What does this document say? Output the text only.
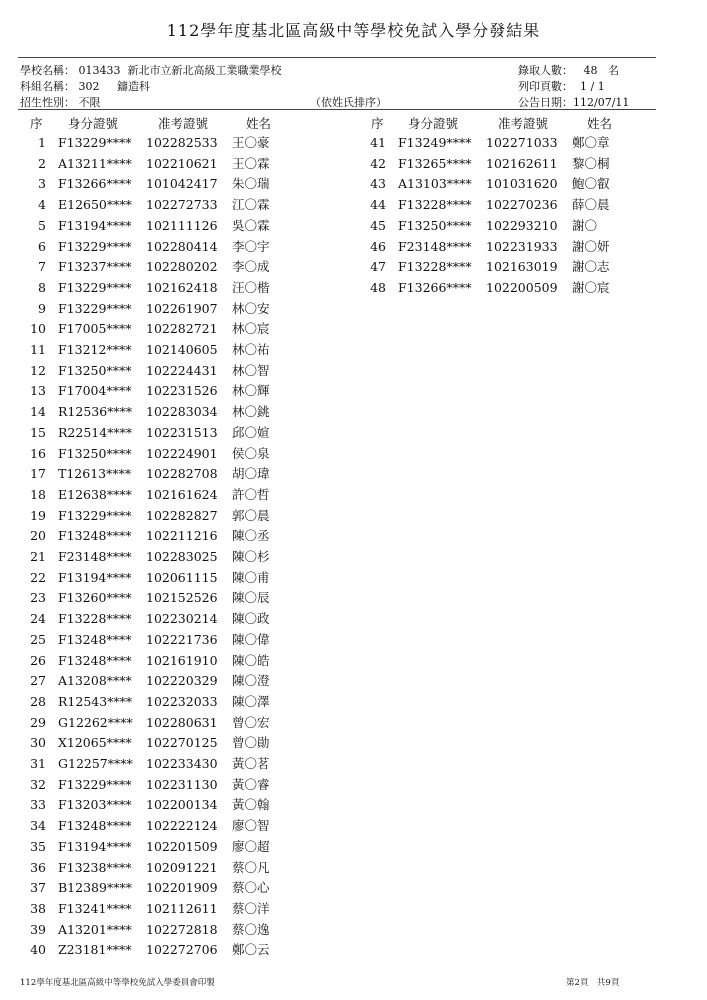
112學年度基北區高級中等學校免試入學分發結果
學校名稱： 013433 新北市立新北高級工業職業學校
科組名稱： 302 鑄造科
招生性別： 不限	（依姓氏排序）
錄取人數： 48 名
列印頁數： 1 / 1
公告日期：112/07/11
序 身分證號	准考證號	姓名	序 身分證號	准考證號	姓名
1 F13229**** 102282533 王〇豪
2 A13211**** 102210621 王〇霖
3 F13266**** 101042417 朱〇瑞
4 E12650**** 102272733 江〇霖
5 F13194**** 102111126 吳〇霖
6 F13229**** 102280414 李〇宇
7 F13237**** 102280202 李〇成
8 F13229**** 102162418 汪〇楷
9 F13229**** 102261907 林〇安
10 F17005**** 102282721 林〇宸
11 F13212**** 102140605 林〇祐
12 F13250**** 102224431 林〇智
13 F17004**** 102231526 林〇輝
14 R12536**** 102283034 林〇銚
15 R22514**** 102231513 邱〇媗
16 F13250**** 102224901 侯〇泉
17 T12613**** 102282708 胡〇瑋
18 E12638**** 102161624 許〇哲
19 F13229**** 102282827 郭〇晨
20 F13248**** 102211216 陳〇丞
21 F23148**** 102283025 陳〇杉
22 F13194**** 102061115 陳〇甫
23 F13260**** 102152526 陳〇辰
24 F13228**** 102230214 陳〇政
25 F13248**** 102221736 陳〇偉
26 F13248**** 102161910 陳〇皓
27 A13208**** 102220329 陳〇澄
28 R12543**** 102232033 陳〇澤
29 G12262**** 102280631 曾〇宏
30 X12065**** 102270125 曾〇勛
31 G12257**** 102233430 黃〇茗
32 F13229**** 102231130 黃〇睿
33 F13203**** 102200134 黃〇翰
34 F13248**** 102222124 廖〇智
35 F13194**** 102201509 廖〇超
36 F13238**** 102091221 蔡〇凡
37 B12389**** 102201909 蔡〇心
38 F13241**** 102112611 蔡〇洋
39 A13201**** 102272818 蔡〇逸
40 Z23181**** 102272706 鄭〇云
41 F13249**** 102271033 鄭〇章
42 F13265**** 102162611 黎〇桐
43 A13103**** 101031620 鮑〇叡
44 F13228**** 102270236 薛〇晨
45 F13250**** 102293210 謝〇
46 F23148**** 102231933 謝〇妍
47 F13228**** 102163019 謝〇志
48 F13266**** 102200509 謝〇宸
112學年度基北區高級中等學校免試入學委員會印製	第2頁　共9頁
